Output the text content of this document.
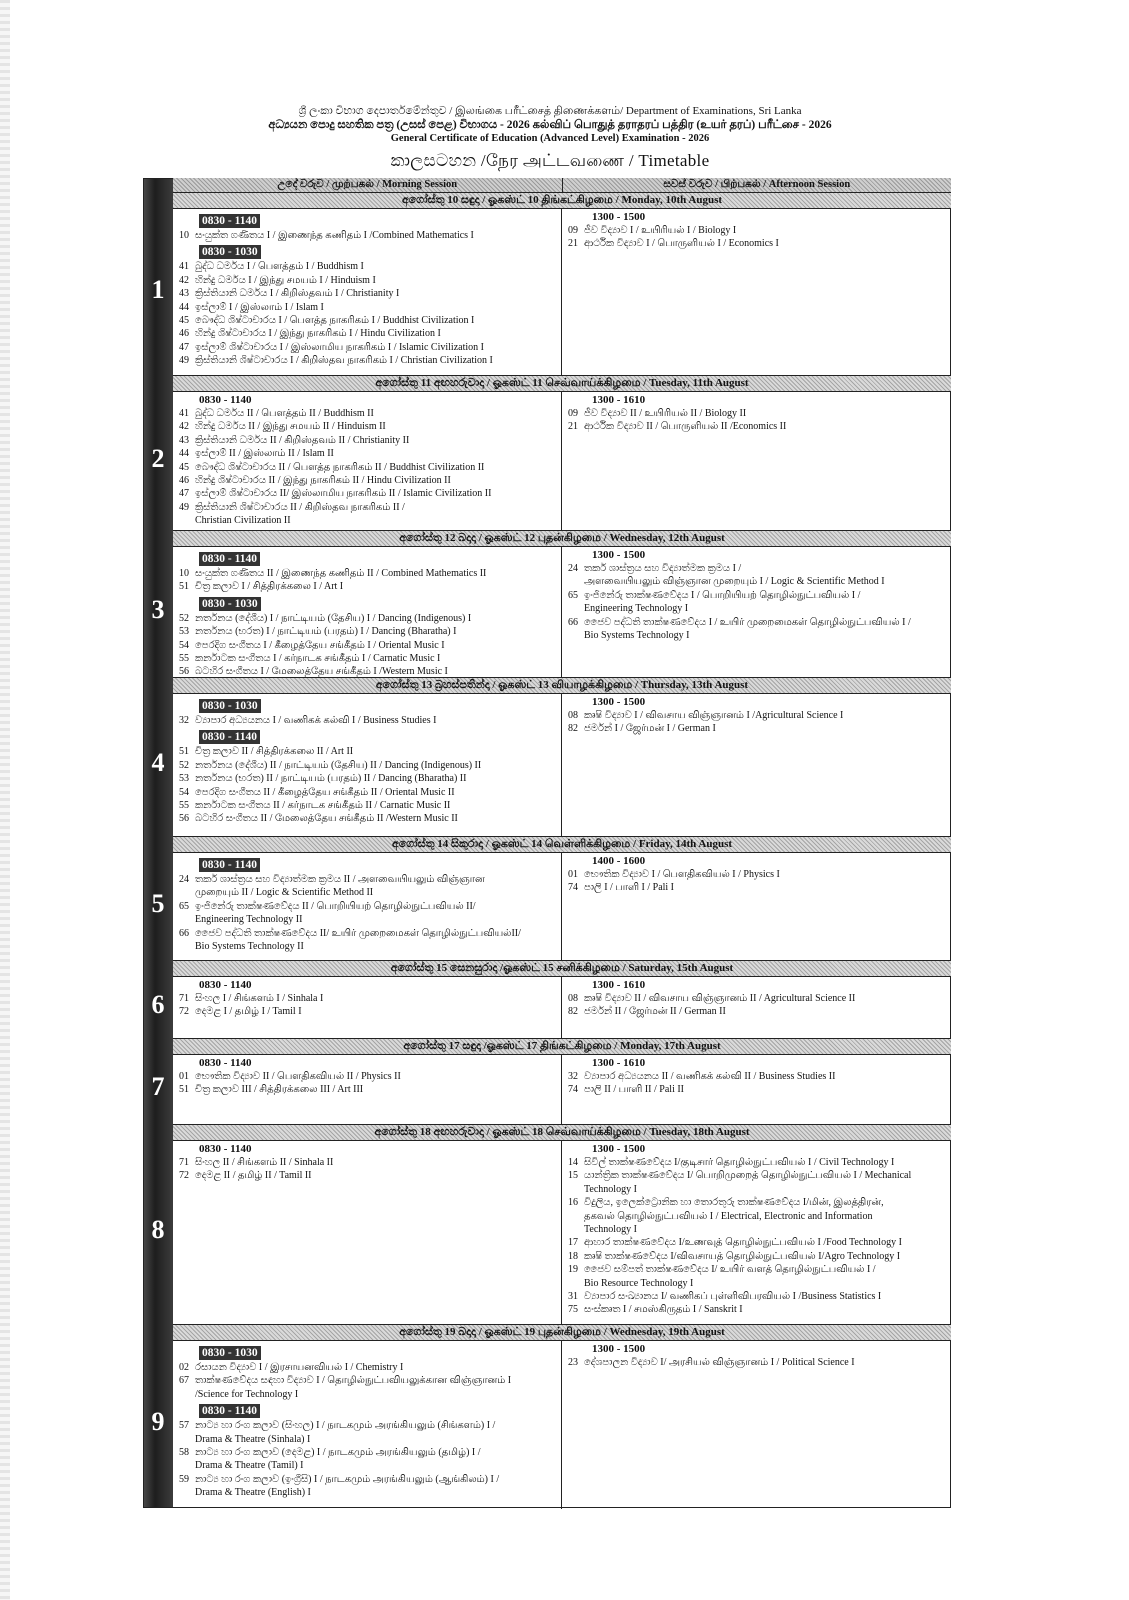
ශ්‍රී ලංකා විභාග දෙපාර්තමේන්තුව / இலங்கை பரீட்சைத் திணைக்களம்/ Department of Examinations, Sri Lanka
අධ්‍යයන පොදු සහතික පත්‍ර (උසස් පෙළ) විභාගය - 2026 கல்விப் பொதுத் தராதரப் பத்திர (உயர் தரப்) பரீட்சை - 2026
General Certificate of Education (Advanced Level) Examination - 2026
කාලසටහන /நேர அட்டவணை / Timetable
උදේ වරුව / முற்பகல் / Morning Session	සවස් වරුව / பிற்பகல் / Afternoon Session
1
අගෝස්තු 10 සඳුදා / ஓகஸ்ட் 10 திங்கட்கிழமை / Monday, 10th August
0830 - 1140
10 සංයුක්ත ගණිතය I / இணைந்த கணிதம் I /Combined Mathematics I
0830 - 1030
41 බුද්ධ ධර්මය I / பௌத்தம் I / Buddhism I
42 හින්දු ධර්මය I / இந்து சமயம் I / Hinduism I
43 ක්‍රිස්තියානි ධර්මය I / கிறிஸ்தவம் I / Christianity I
44 ඉස්ලාම් I / இஸ்லாம் I / Islam I
45 බෞද්ධ ශිෂ්ටාචාරය I / பௌத்த நாகரிகம் I / Buddhist Civilization I
46 හින්දු ශිෂ්ටාචාරය I / இந்து நாகரிகம் I / Hindu Civilization I
47 ඉස්ලාම් ශිෂ්ටාචාරය I / இஸ்லாமிய நாகரிகம் I / Islamic Civilization I
49 ක්‍රිස්තියානි ශිෂ්ටාචාරය I / கிறிஸ்தவ நாகரிகம் I / Christian Civilization I
1300 - 1500
09 ජීව විද්‍යාව I / உயிரியல் I / Biology I
21 ආර්ථික විද්‍යාව I / பொருளியல் I / Economics I
2
අගෝස්තු 11 අඟහරුවාදා / ஓகஸ்ட் 11 செவ்வாய்க்கிழமை / Tuesday, 11th August
0830 - 1140
41 බුද්ධ ධර්මය II / பௌத்தம் II / Buddhism II
42 හින්දු ධර්මය II / இந்து சமயம் II / Hinduism II
43 ක්‍රිස්තියානි ධර්මය II / கிறிஸ்தவம் II / Christianity II
44 ඉස්ලාම් II / இஸ்லாம் II / Islam II
45 බෞද්ධ ශිෂ්ටාචාරය II / பௌத்த நாகரிகம் II / Buddhist Civilization II
46 හින්දු ශිෂ්ටාචාරය II / இந்து நாகரிகம் II / Hindu Civilization II
47 ඉස්ලාම් ශිෂ්ටාචාරය II/ இஸ்லாமிய நாகரிகம் II / Islamic Civilization II
49 ක්‍රිස්තියානි ශිෂ්ටාචාරය II / கிறிஸ்தவ நாகரிகம் II /
Christian Civilization II
1300 - 1610
09 ජීව විද්‍යාව II / உயிரியல் II / Biology II
21 ආර්ථික විද්‍යාව II / பொருளியல் II /Economics II
3
අගෝස්තු 12 බදාදා / ஓகஸ்ட் 12 புதன்கிழமை / Wednesday, 12th August
0830 - 1140
10 සංයුක්ත ගණිතය II / இணைந்த கணிதம் II / Combined Mathematics II
51 චිත්‍ර කලාව I / சித்திரக்கலை I / Art I
0830 - 1030
52 නර්තනය (දේශීය) I / நாட்டியம் (தேசிய) I / Dancing (Indigenous) I
53 නර්තනය (භරත) I / நாட்டியம் (பரதம்) I / Dancing (Bharatha) I
54 පෙරදිග සංගීතය I / கீழைத்தேய சங்கீதம் I / Oriental Music I
55 කර්නාටක සංගීතය I / கர்நாடக சங்கீதம் I / Carnatic Music I
56 බටහිර සංගීතය I / மேலைத்தேய சங்கீதம் I /Western Music I
1300 - 1500
24 තර්ක ශාස්ත්‍රය සහ විද්‍යාත්මක ක්‍රමය I /
அளவையியலும் விஞ்ஞான முறையும் I / Logic & Scientific Method I
65 ඉංජිනේරු තාක්ෂණවේදය I / பொறியியற் தொழில்நுட்பவியல் I /
Engineering Technology I
66 ජෛව පද්ධති තාක්ෂණවේදය I / உயிர் முறைமைகள் தொழில்நுட்பவியல் I /
Bio Systems Technology I
4
අගෝස්තු 13 බ්‍රහස්පතින්දා / ஓகஸ்ட் 13 வியாழக்கிழமை / Thursday, 13th August
0830 - 1030
32 ව්‍යාපාර අධ්‍යයනය I / வணிகக் கல்வி I / Business Studies I
0830 - 1140
51 චිත්‍ර කලාව II / சித்திரக்கலை II / Art II
52 නර්තනය (දේශීය) II / நாட்டியம் (தேசிய) II / Dancing (Indigenous) II
53 නර්තනය (භරත) II / நாட்டியம் (பரதம்) II / Dancing (Bharatha) II
54 පෙරදිග සංගීතය II / கீழைத்தேய சங்கீதம் II / Oriental Music II
55 කර්නාටක සංගීතය II / கர்நாடக சங்கீதம் II / Carnatic Music II
56 බටහිර සංගීතය II / மேலைத்தேய சங்கீதம் II /Western Music II
1300 - 1500
08 කෘෂි විද්‍යාව I / விவசாய விஞ்ஞானம் I /Agricultural Science I
82 ජර්මන් I / ஜேர்மன் I / German I
5
අගෝස්තු 14 සිකුරාදා / ஓகஸ்ட் 14 வெள்ளிக்கிழமை / Friday, 14th August
0830 - 1140
24 තර්ක ශාස්ත්‍රය සහ විද්‍යාත්මක ක්‍රමය II / அளவையியலும் விஞ்ஞான
முறையும் II / Logic & Scientific Method II
65 ඉංජිනේරු තාක්ෂණවේදය II / பொறியியற் தொழில்நுட்பவியல் II/
Engineering Technology II
66 ජෛව පද්ධති තාක්ෂණවේදය II/ உயிர் முறைமைகள் தொழில்நுட்பவியல்II/
Bio Systems Technology II
1400 - 1600
01 භෞතික විද්‍යාව I / பௌதிகவியல் I / Physics I
74 පාලි I / பாளி I / Pali I
6
අගෝස්තු 15 සෙනසුරාදා /ஓகஸ்ட் 15 சனிக்கிழமை / Saturday, 15th August
0830 - 1140
71 සිංහල I / சிங்களம் I / Sinhala I
72 දෙමළ I / தமிழ் I / Tamil I
1300 - 1610
08 කෘෂි විද්‍යාව II / விவசாய விஞ்ஞானம் II / Agricultural Science II
82 ජර්මන් II / ஜேர்மன் II / German II
7
අගෝස්තු 17 සඳුදා /ஓகஸ்ட் 17 திங்கட்கிழமை / Monday, 17th August
0830 - 1140
01 භෞතික විද්‍යාව II / பௌதிகவியல் II / Physics II
51 චිත්‍ර කලාව III / சித்திரக்கலை III / Art III
1300 - 1610
32 ව්‍යාපාර අධ්‍යයනය II / வணிகக் கல்வி II / Business Studies II
74 පාලි II / பாளி II / Pali II
8
අගෝස්තු 18 අඟහරුවාදා / ஓகஸ்ட் 18 செவ்வாய்க்கிழமை / Tuesday, 18th August
0830 - 1140
71 සිංහල II / சிங்களம் II / Sinhala II
72 දෙමළ II / தமிழ் II / Tamil II
1300 - 1500
14 සිවිල් තාක්ෂණවේදය I/குடிசார் தொழில்நுட்பவியல் I / Civil Technology I
15 යාන්ත්‍රික තාක්ෂණවේදය I/ பொறிமுறைத் தொழில்நுட்பவியல் I / Mechanical
Technology I
16 විදුලිය, ඉලෙක්ට්‍රොනික හා තොරතුරු තාක්ෂණවේදය I/மின், இலத்திரன்,
தகவல் தொழில்நுட்பவியல் I / Electrical, Electronic and Information
Technology I
17 ආහාර තාක්ෂණවේදය I/உணவுத் தொழில்நுட்பவியல் I /Food Technology I
18 කෘෂි තාක්ෂණවේදය I/விவசாயத் தொழில்நுட்பவியல் I/Agro Technology I
19 ජෛව සම්පත් තාක්ෂණවේදය I/ உயிர் வளத் தொழில்நுட்பவியல் I /
Bio Resource Technology I
31 ව්‍යාපාර සංඛ්‍යානය I/ வணிகப் புள்ளிவிபரவியல் I /Business Statistics I
75 සංස්කෘත I / சமஸ்கிருதம் I / Sanskrit I
9
අගෝස්තු 19 බදාදා / ஓகஸ்ட் 19 புதன்கிழமை / Wednesday, 19th August
0830 - 1030
02 රසායන විද්‍යාව I / இரசாயனவியல் I / Chemistry I
67 තාක්ෂණවේදය සඳහා විද්‍යාව I / தொழில்நுட்பவியலுக்கான விஞ்ஞானம் I
/Science for Technology I
0830 - 1140
57 නාට්‍ය හා රංග කලාව (සිංහල) I / நாடகமும் அரங்கியலும் (சிங்களம்) I /
Drama & Theatre (Sinhala) I
58 නාට්‍ය හා රංග කලාව (දෙමළ) I / நாடகமும் அரங்கியலும் (தமிழ்) I /
Drama & Theatre (Tamil) I
59 නාට්‍ය හා රංග කලාව (ඉංග්‍රීසි) I / நாடகமும் அரங்கியலும் (ஆங்கிலம்) I /
Drama & Theatre (English) I
1300 - 1500
23 දේශපාලන විද්‍යාව I/ அரசியல் விஞ்ஞானம் I / Political Science I
